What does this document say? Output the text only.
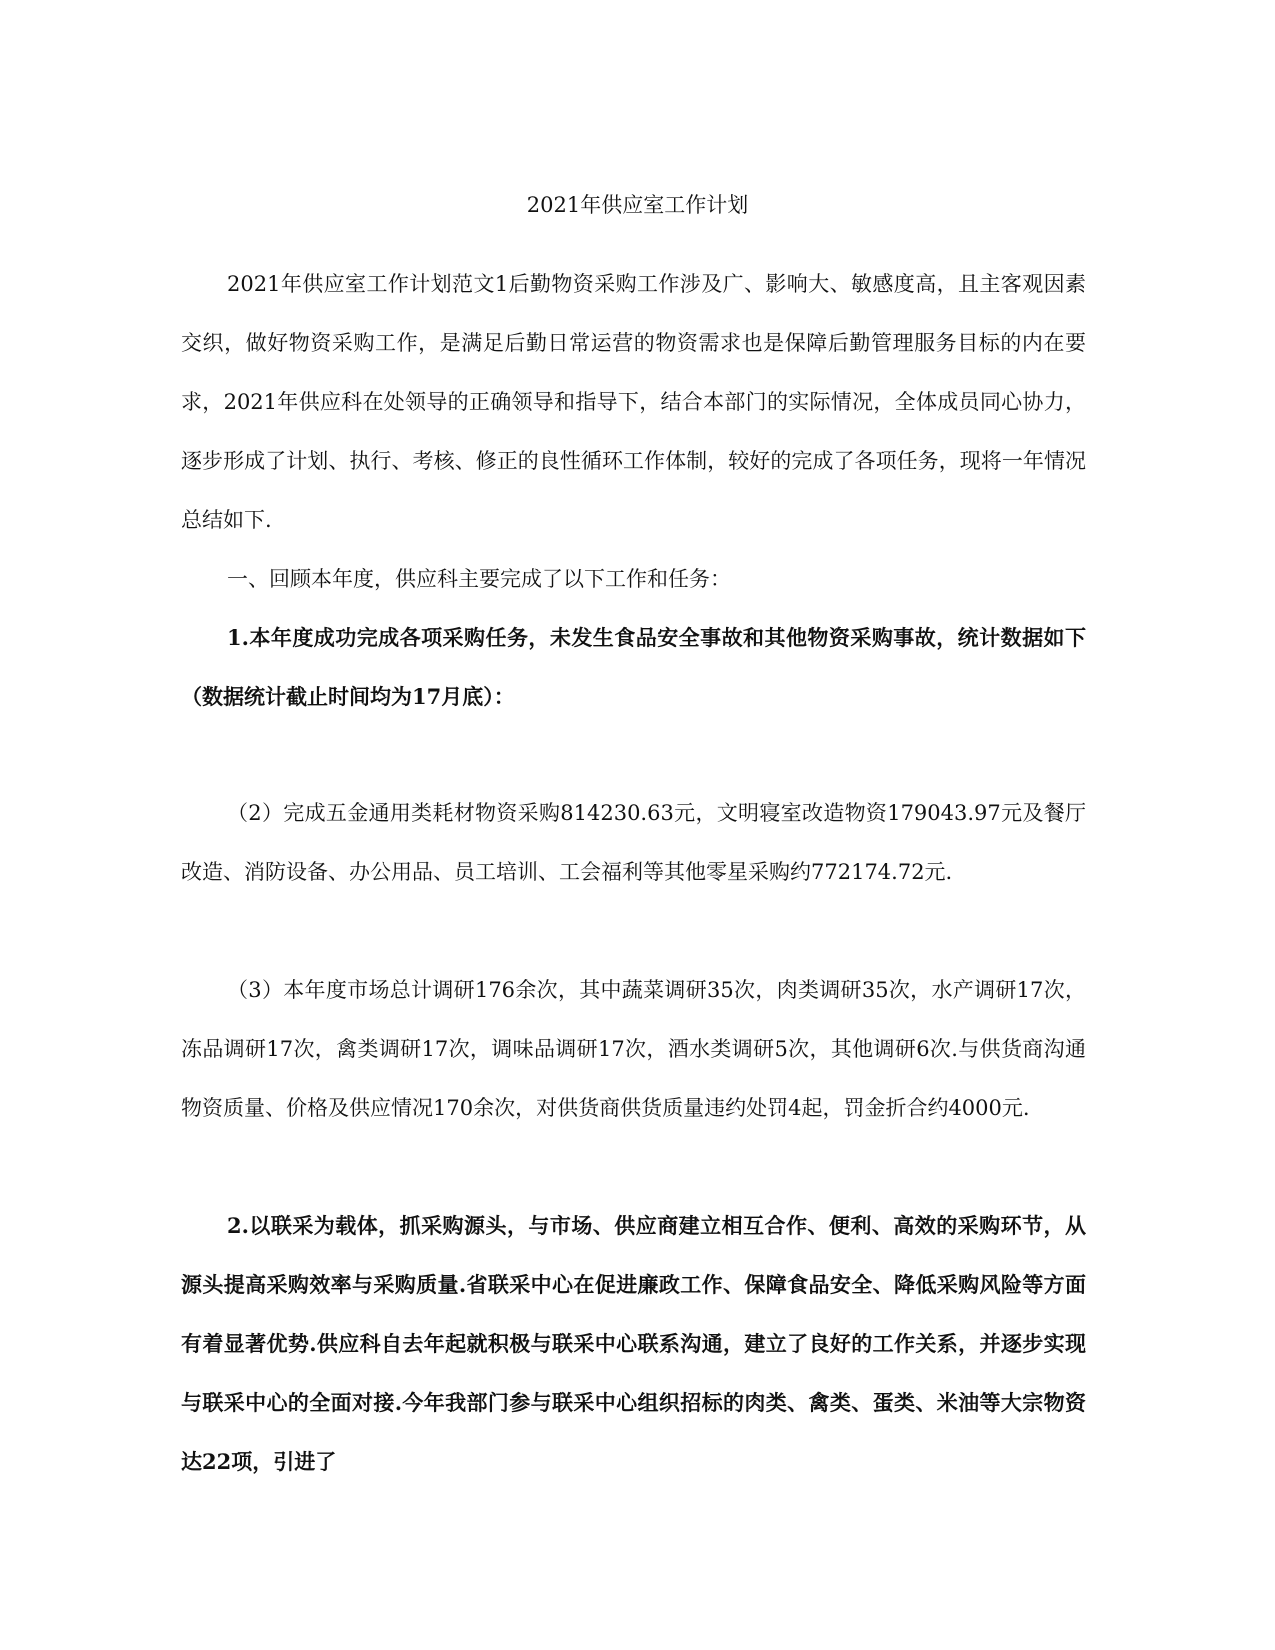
2021年供应室工作计划

2021年供应室工作计划范文1后勤物资采购工作涉及广、影响大、敏感度高，且主客观因素交织，做好物资采购工作，是满足后勤日常运营的物资需求也是保障后勤管理服务目标的内在要求，2021年供应科在处领导的正确领导和指导下，结合本部门的实际情况，全体成员同心协力，逐步形成了计划、执行、考核、修正的良性循环工作体制，较好的完成了各项任务，现将一年情况总结如下.

一、回顾本年度，供应科主要完成了以下工作和任务：

1.本年度成功完成各项采购任务，未发生食品安全事故和其他物资采购事故，统计数据如下（数据统计截止时间均为17月底）：

（2）完成五金通用类耗材物资采购814230.63元，文明寝室改造物资179043.97元及餐厅改造、消防设备、办公用品、员工培训、工会福利等其他零星采购约772174.72元.

（3）本年度市场总计调研176余次，其中蔬菜调研35次，肉类调研35次，水产调研17次，冻品调研17次，禽类调研17次，调味品调研17次，酒水类调研5次，其他调研6次.与供货商沟通物资质量、价格及供应情况170余次，对供货商供货质量违约处罚4起，罚金折合约4000元.

2.以联采为载体，抓采购源头，与市场、供应商建立相互合作、便利、高效的采购环节，从源头提高采购效率与采购质量.省联采中心在促进廉政工作、保障食品安全、降低采购风险等方面有着显著优势.供应科自去年起就积极与联采中心联系沟通，建立了良好的工作关系，并逐步实现与联采中心的全面对接.今年我部门参与联采中心组织招标的肉类、禽类、蛋类、米油等大宗物资达22项，引进了
